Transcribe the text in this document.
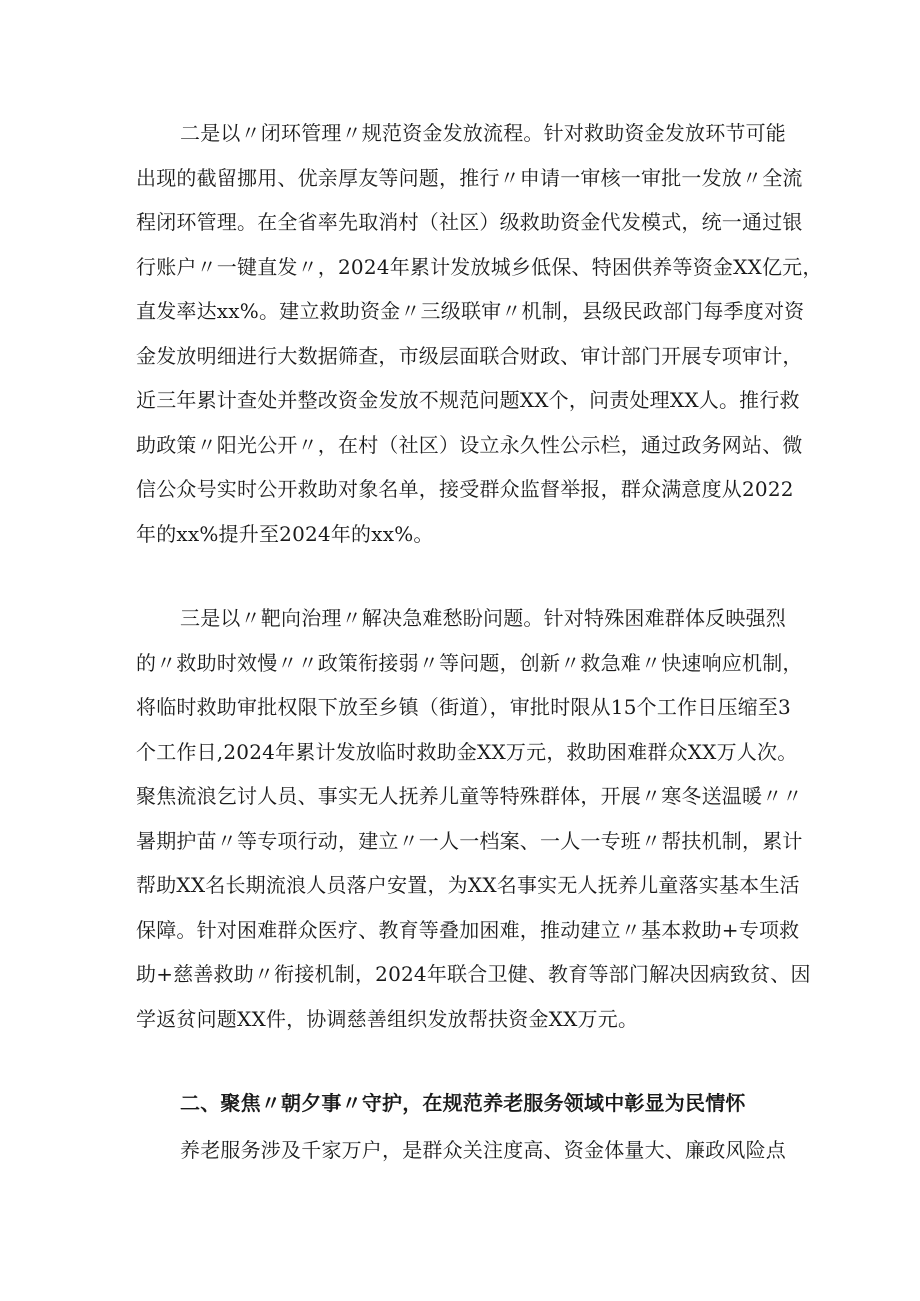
二是以〃闭环管理〃规范资金发放流程。针对救助资金发放环节可能
出现的截留挪用、优亲厚友等问题，推行〃申请一审核一审批一发放〃全流
程闭环管理。在全省率先取消村（社区）级救助资金代发模式，统一通过银
行账户〃一键直发〃，2024年累计发放城乡低保、特困供养等资金XX亿元，
直发率达xx%。建立救助资金〃三级联审〃机制，县级民政部门每季度对资
金发放明细进行大数据筛查，市级层面联合财政、审计部门开展专项审计，
近三年累计查处并整改资金发放不规范问题XX个，问责处理XX人。推行救
助政策〃阳光公开〃，在村（社区）设立永久性公示栏，通过政务网站、微
信公众号实时公开救助对象名单，接受群众监督举报，群众满意度从2022
年的xx%提升至2024年的xx%。
三是以〃靶向治理〃解决急难愁盼问题。针对特殊困难群体反映强烈
的〃救助时效慢〃〃政策衔接弱〃等问题，创新〃救急难〃快速响应机制，
将临时救助审批权限下放至乡镇（街道），审批时限从15个工作日压缩至3
个工作日,2024年累计发放临时救助金XX万元，救助困难群众XX万人次。
聚焦流浪乞讨人员、事实无人抚养儿童等特殊群体，开展〃寒冬送温暖〃〃
暑期护苗〃等专项行动，建立〃一人一档案、一人一专班〃帮扶机制，累计
帮助XX名长期流浪人员落户安置，为XX名事实无人抚养儿童落实基本生活
保障。针对困难群众医疗、教育等叠加困难，推动建立〃基本救助+专项救
助+慈善救助〃衔接机制，2024年联合卫健、教育等部门解决因病致贫、因
学返贫问题XX件，协调慈善组织发放帮扶资金XX万元。
二、聚焦〃朝夕事〃守护，在规范养老服务领域中彰显为民情怀
养老服务涉及千家万户，是群众关注度高、资金体量大、廉政风险点
